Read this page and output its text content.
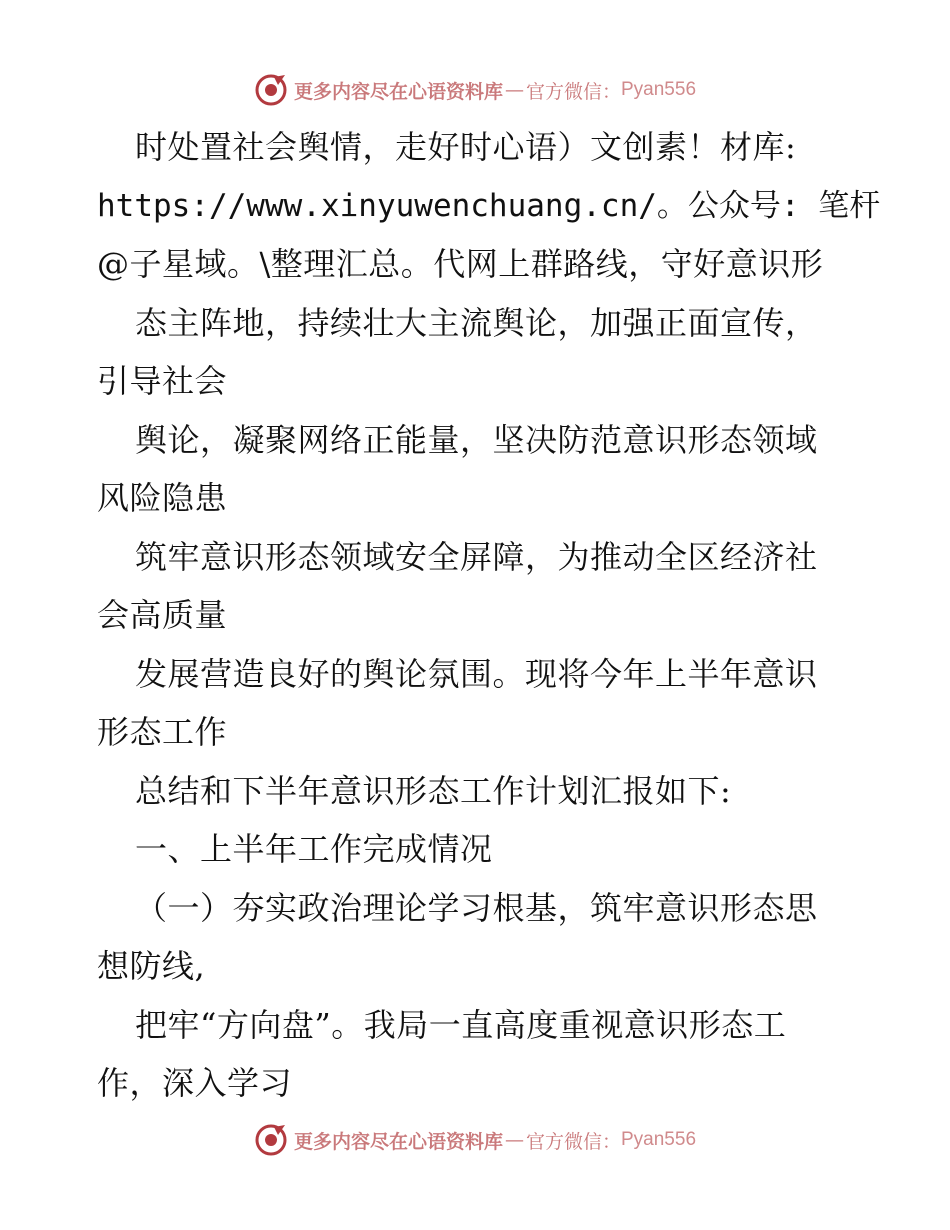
更多内容尽在心语资料库 — 官方微信： Pyan556
时处置社会舆情，走好时心语）文创素！材库:
https://www.xinyuwenchuang.cn/。公众号: 笔杆
@子星域。\整理汇总。代网上群路线，守好意识形
态主阵地，持续壮大主流舆论，加强正面宣传，
引导社会
舆论，凝聚网络正能量，坚决防范意识形态领域
风险隐患
筑牢意识形态领域安全屏障，为推动全区经济社
会高质量
发展营造良好的舆论氛围。现将今年上半年意识
形态工作
总结和下半年意识形态工作计划汇报如下:
一、上半年工作完成情况
（一）夯实政治理论学习根基，筑牢意识形态思
想防线,
把牢“方向盘”。我局一直高度重视意识形态工
作，深入学习
更多内容尽在心语资料库 — 官方微信： Pyan556
